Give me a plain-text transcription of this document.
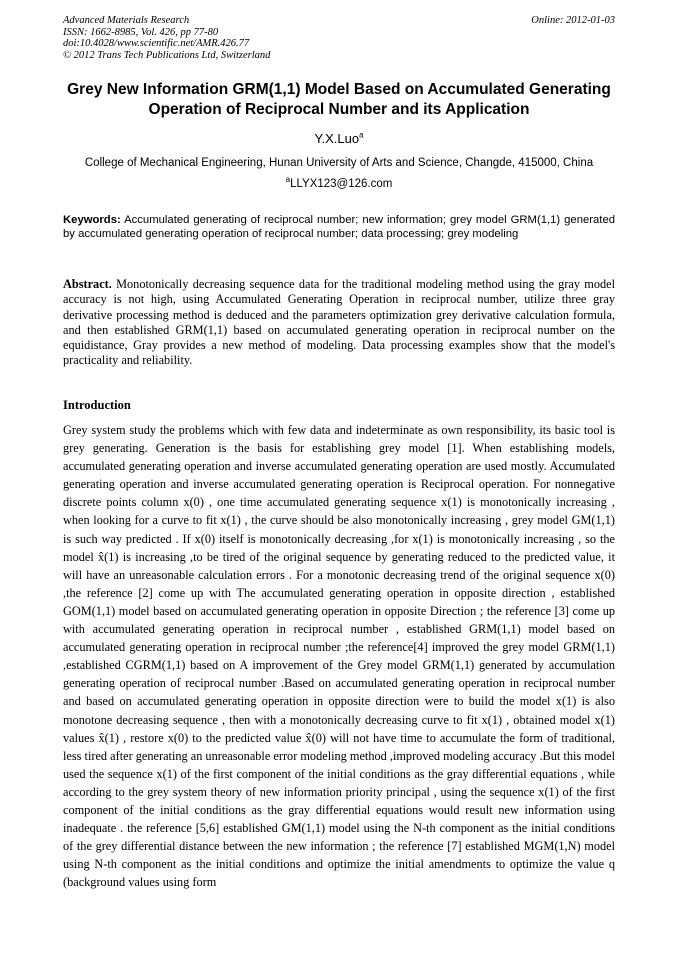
Advanced Materials Research
ISSN: 1662-8985, Vol. 426, pp 77-80
doi:10.4028/www.scientific.net/AMR.426.77
© 2012 Trans Tech Publications Ltd, Switzerland
Online: 2012-01-03
Grey New Information GRM(1,1) Model Based on Accumulated Generating Operation of Reciprocal Number and its Application
Y.X.Luo$^a$
College of Mechanical Engineering, Hunan University of Arts and Science, Changde, 415000, China
$^a$LLYX123@126.com
Keywords: Accumulated generating of reciprocal number; new information; grey model GRM(1,1) generated by accumulated generating operation of reciprocal number; data processing; grey modeling
Abstract. Monotonically decreasing sequence data for the traditional modeling method using the gray model accuracy is not high, using Accumulated Generating Operation in reciprocal number, utilize three gray derivative processing method is deduced and the parameters optimization grey derivative calculation formula, and then established GRM(1,1) based on accumulated generating operation in reciprocal number on the equidistance, Gray provides a new method of modeling. Data processing examples show that the model's practicality and reliability.
Introduction
Grey system study the problems which with few data and indeterminate as own responsibility, its basic tool is grey generating. Generation is the basis for establishing grey model [1]. When establishing models, accumulated generating operation and inverse accumulated generating operation are used mostly. Accumulated generating operation and inverse accumulated generating operation is Reciprocal operation. For nonnegative discrete points column x(0) , one time accumulated generating sequence x(1) is monotonically increasing , when looking for a curve to fit x(1) , the curve should be also monotonically increasing , grey model GM(1,1) is such way predicted . If x(0) itself is monotonically decreasing ,for x(1) is monotonically increasing , so the model x̂(1) is increasing ,to be tired of the original sequence by generating reduced to the predicted value, it will have an unreasonable calculation errors . For a monotonic decreasing trend of the original sequence x(0) ,the reference [2] come up with The accumulated generating operation in opposite direction , established GOM(1,1) model based on accumulated generating operation in opposite Direction ; the reference [3] come up with accumulated generating operation in reciprocal number , established GRM(1,1) model based on accumulated generating operation in reciprocal number ;the reference[4] improved the grey model GRM(1,1) ,established CGRM(1,1) based on A improvement of the Grey model GRM(1,1) generated by accumulation generating operation of reciprocal number .Based on accumulated generating operation in reciprocal number and based on accumulated generating operation in opposite direction were to build the model x(1) is also monotone decreasing sequence , then with a monotonically decreasing curve to fit x(1) , obtained model x(1) values x̂(1) , restore x(0) to the predicted value x̂(0) will not have time to accumulate the form of traditional, less tired after generating an unreasonable error modeling method ,improved modeling accuracy .But this model used the sequence x(1) of the first component of the initial conditions as the gray differential equations , while according to the grey system theory of new information priority principal , using the sequence x(1) of the first component of the initial conditions as the gray differential equations would result new information using inadequate . the reference [5,6] established GM(1,1) model using the N-th component as the initial conditions of the grey differential distance between the new information ; the reference [7] established MGM(1,N) model using N-th component as the initial conditions and optimize the initial amendments to optimize the value q (background values using form
